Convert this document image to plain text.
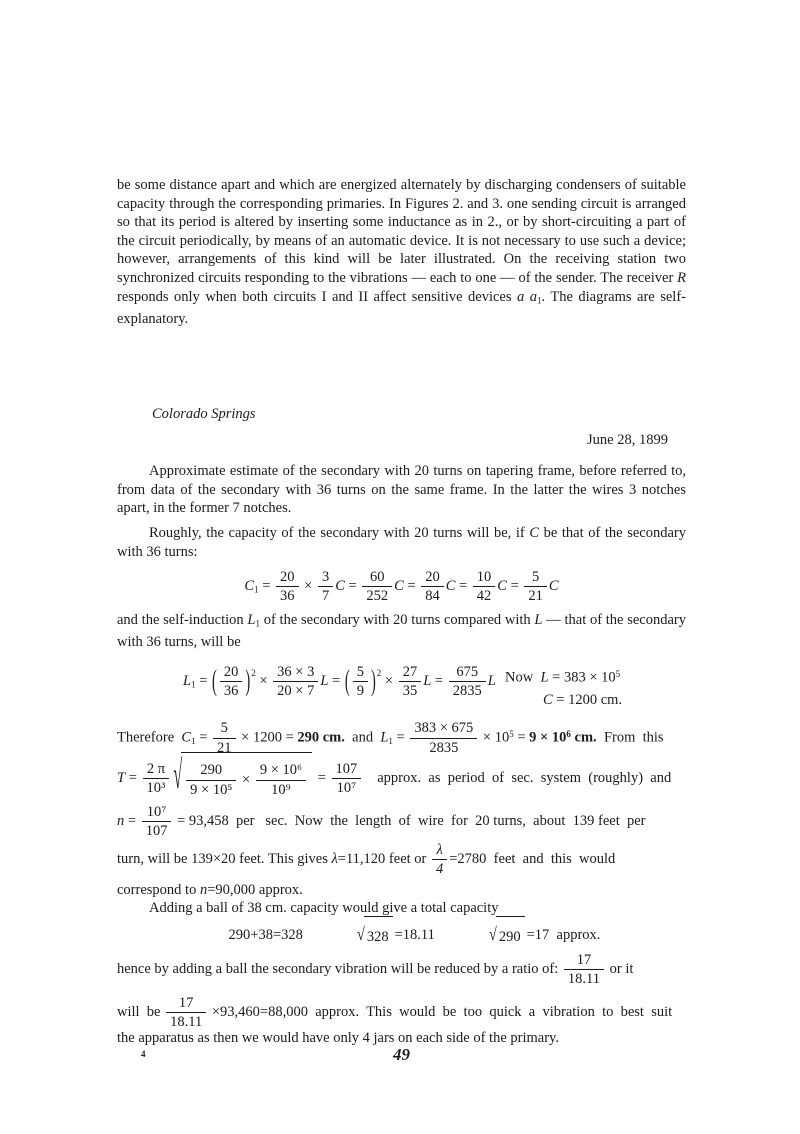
be some distance apart and which are energized alternately by discharging condensers of suitable capacity through the corresponding primaries. In Figures 2. and 3. one sending circuit is arranged so that its period is altered by inserting some inductance as in 2., or by short-circuiting a part of the circuit periodically, by means of an automatic device. It is not necessary to use such a device; however, arrangements of this kind will be later illustrated. On the receiving station two synchronized circuits responding to the vibrations — each to one — of the sender. The receiver R responds only when both circuits I and II affect sensitive devices a $a_1$. The diagrams are self-explanatory.
Colorado Springs
June 28, 1899
Approximate estimate of the secondary with 20 turns on tapering frame, before referred to, from data of the secondary with 36 turns on the same frame. In the latter the wires 3 notches apart, in the former 7 notches.
Roughly, the capacity of the secondary with 20 turns will be, if C be that of the secondary with 36 turns:
$C_1 = \frac{20}{36} \times \frac{3}{7}$ $C = \frac{60}{252}$ $C = \frac{20}{84}$ $C = \frac{10}{42}$ $C = \frac{5}{21}$ C
and the self-induction $L_1$ of the secondary with 20 turns compared with L — that of the secondary with 36 turns, will be
$L_1$ = ( $\frac{20}{36} )^2 \times \frac{36 \times 3}{20 \times 7}$ L = ( $\frac{5}{9} )^2 \times \frac{27}{35}$ $L = \frac{675}{2835}$ L Now  $L = 383 \times 10^5$
C = 1200 cm.
Therefore  $C_1 = \frac{5}{21} \times 1200 = 290$ cm.  and  $L_1 = \frac{383 \times 675}{2835} \times 10^5 = 9 \times 10^6$ cm.  From  this
$T = \frac{2 \pi}{\text{10³}}$ √ $\frac{290}{\text{9 × 10⁵}} \times \frac{\text{9 × 10⁶}}{\text{10⁹}} = \frac{107}{\text{10⁷}}$ approx.  as  period  of  sec.  system  (roughly)  and
$n = \frac{\text{10⁷}}{107} = 93,458$  per   sec.  Now  the  length  of  wire  for  20 turns,  about  139 feet  per
turn, will be 139×20 feet. This gives λ=11,120 feet or $\frac{\lambda}{4} =2780$  feet  and  this  would
correspond to n=90,000 approx.
Adding a ball of 38 cm. capacity would give a total capacity
290+38=328	√ 328 =18.11	√ 290 =17  approx.
hence by adding a ball the secondary vibration will be reduced by a ratio of: $\frac{17}{18.11}$ or it
will  be $\frac{17}{18.11} \times 93,460=88,000$  approx.  This  would  be  too  quick  a  vibration  to  best  suit
the apparatus as then we would have only 4 jars on each side of the primary.
4	49
